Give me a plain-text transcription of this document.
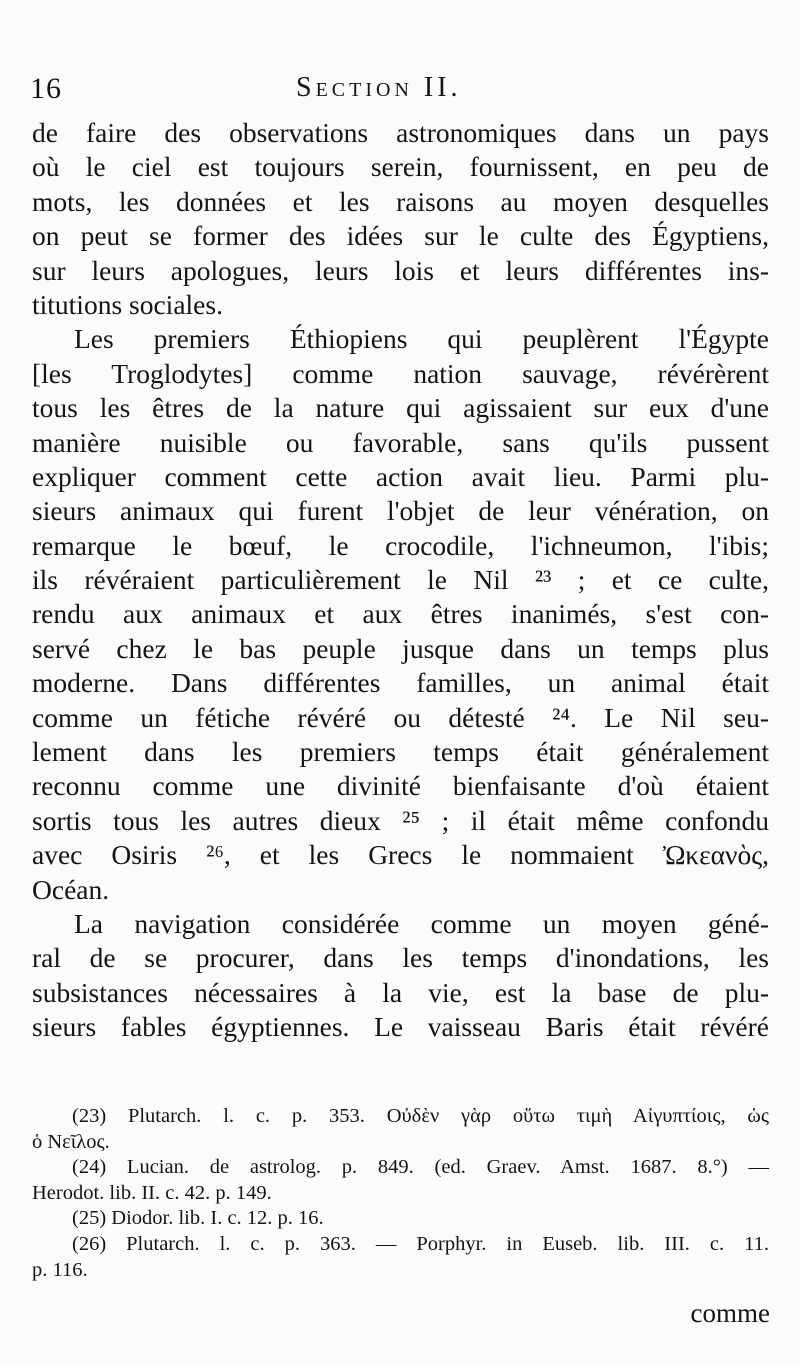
16	Section II.
de faire des observations astronomiques dans un pays
où le ciel est toujours serein, fournissent, en peu de
mots, les données et les raisons au moyen desquelles
on peut se former des idées sur le culte des Égyptiens,
sur leurs apologues, leurs lois et leurs différentes ins-
titutions sociales.
Les premiers Éthiopiens qui peuplèrent l'Égypte
[les Troglodytes] comme nation sauvage, révérèrent
tous les êtres de la nature qui agissaient sur eux d'une
manière nuisible ou favorable, sans qu'ils pussent
expliquer comment cette action avait lieu. Parmi plu-
sieurs animaux qui furent l'objet de leur vénération, on
remarque le bœuf, le crocodile, l'ichneumon, l'ibis;
ils révéraient particulièrement le Nil ²³ ; et ce culte,
rendu aux animaux et aux êtres inanimés, s'est con-
servé chez le bas peuple jusque dans un temps plus
moderne. Dans différentes familles, un animal était
comme un fétiche révéré ou détesté ²⁴. Le Nil seu-
lement dans les premiers temps était généralement
reconnu comme une divinité bienfaisante d'où étaient
sortis tous les autres dieux ²⁵ ; il était même confondu
avec Osiris ²⁶, et les Grecs le nommaient Ὠκεανὸς,
Océan.
La navigation considérée comme un moyen géné-
ral de se procurer, dans les temps d'inondations, les
subsistances nécessaires à la vie, est la base de plu-
sieurs fables égyptiennes. Le vaisseau Baris était révéré
(23) Plutarch. l. c. p. 353. Οὐδὲν γὰρ οὕτω τιμὴ Αἰγυπτίοις, ὡς
ὁ Νεῖλος.
(24) Lucian. de astrolog. p. 849. (ed. Graev. Amst. 1687. 8.°) —
Herodot. lib. II. c. 42. p. 149.
(25) Diodor. lib. I. c. 12. p. 16.
(26) Plutarch. l. c. p. 363. — Porphyr. in Euseb. lib. III. c. 11.
p. 116.
comme
